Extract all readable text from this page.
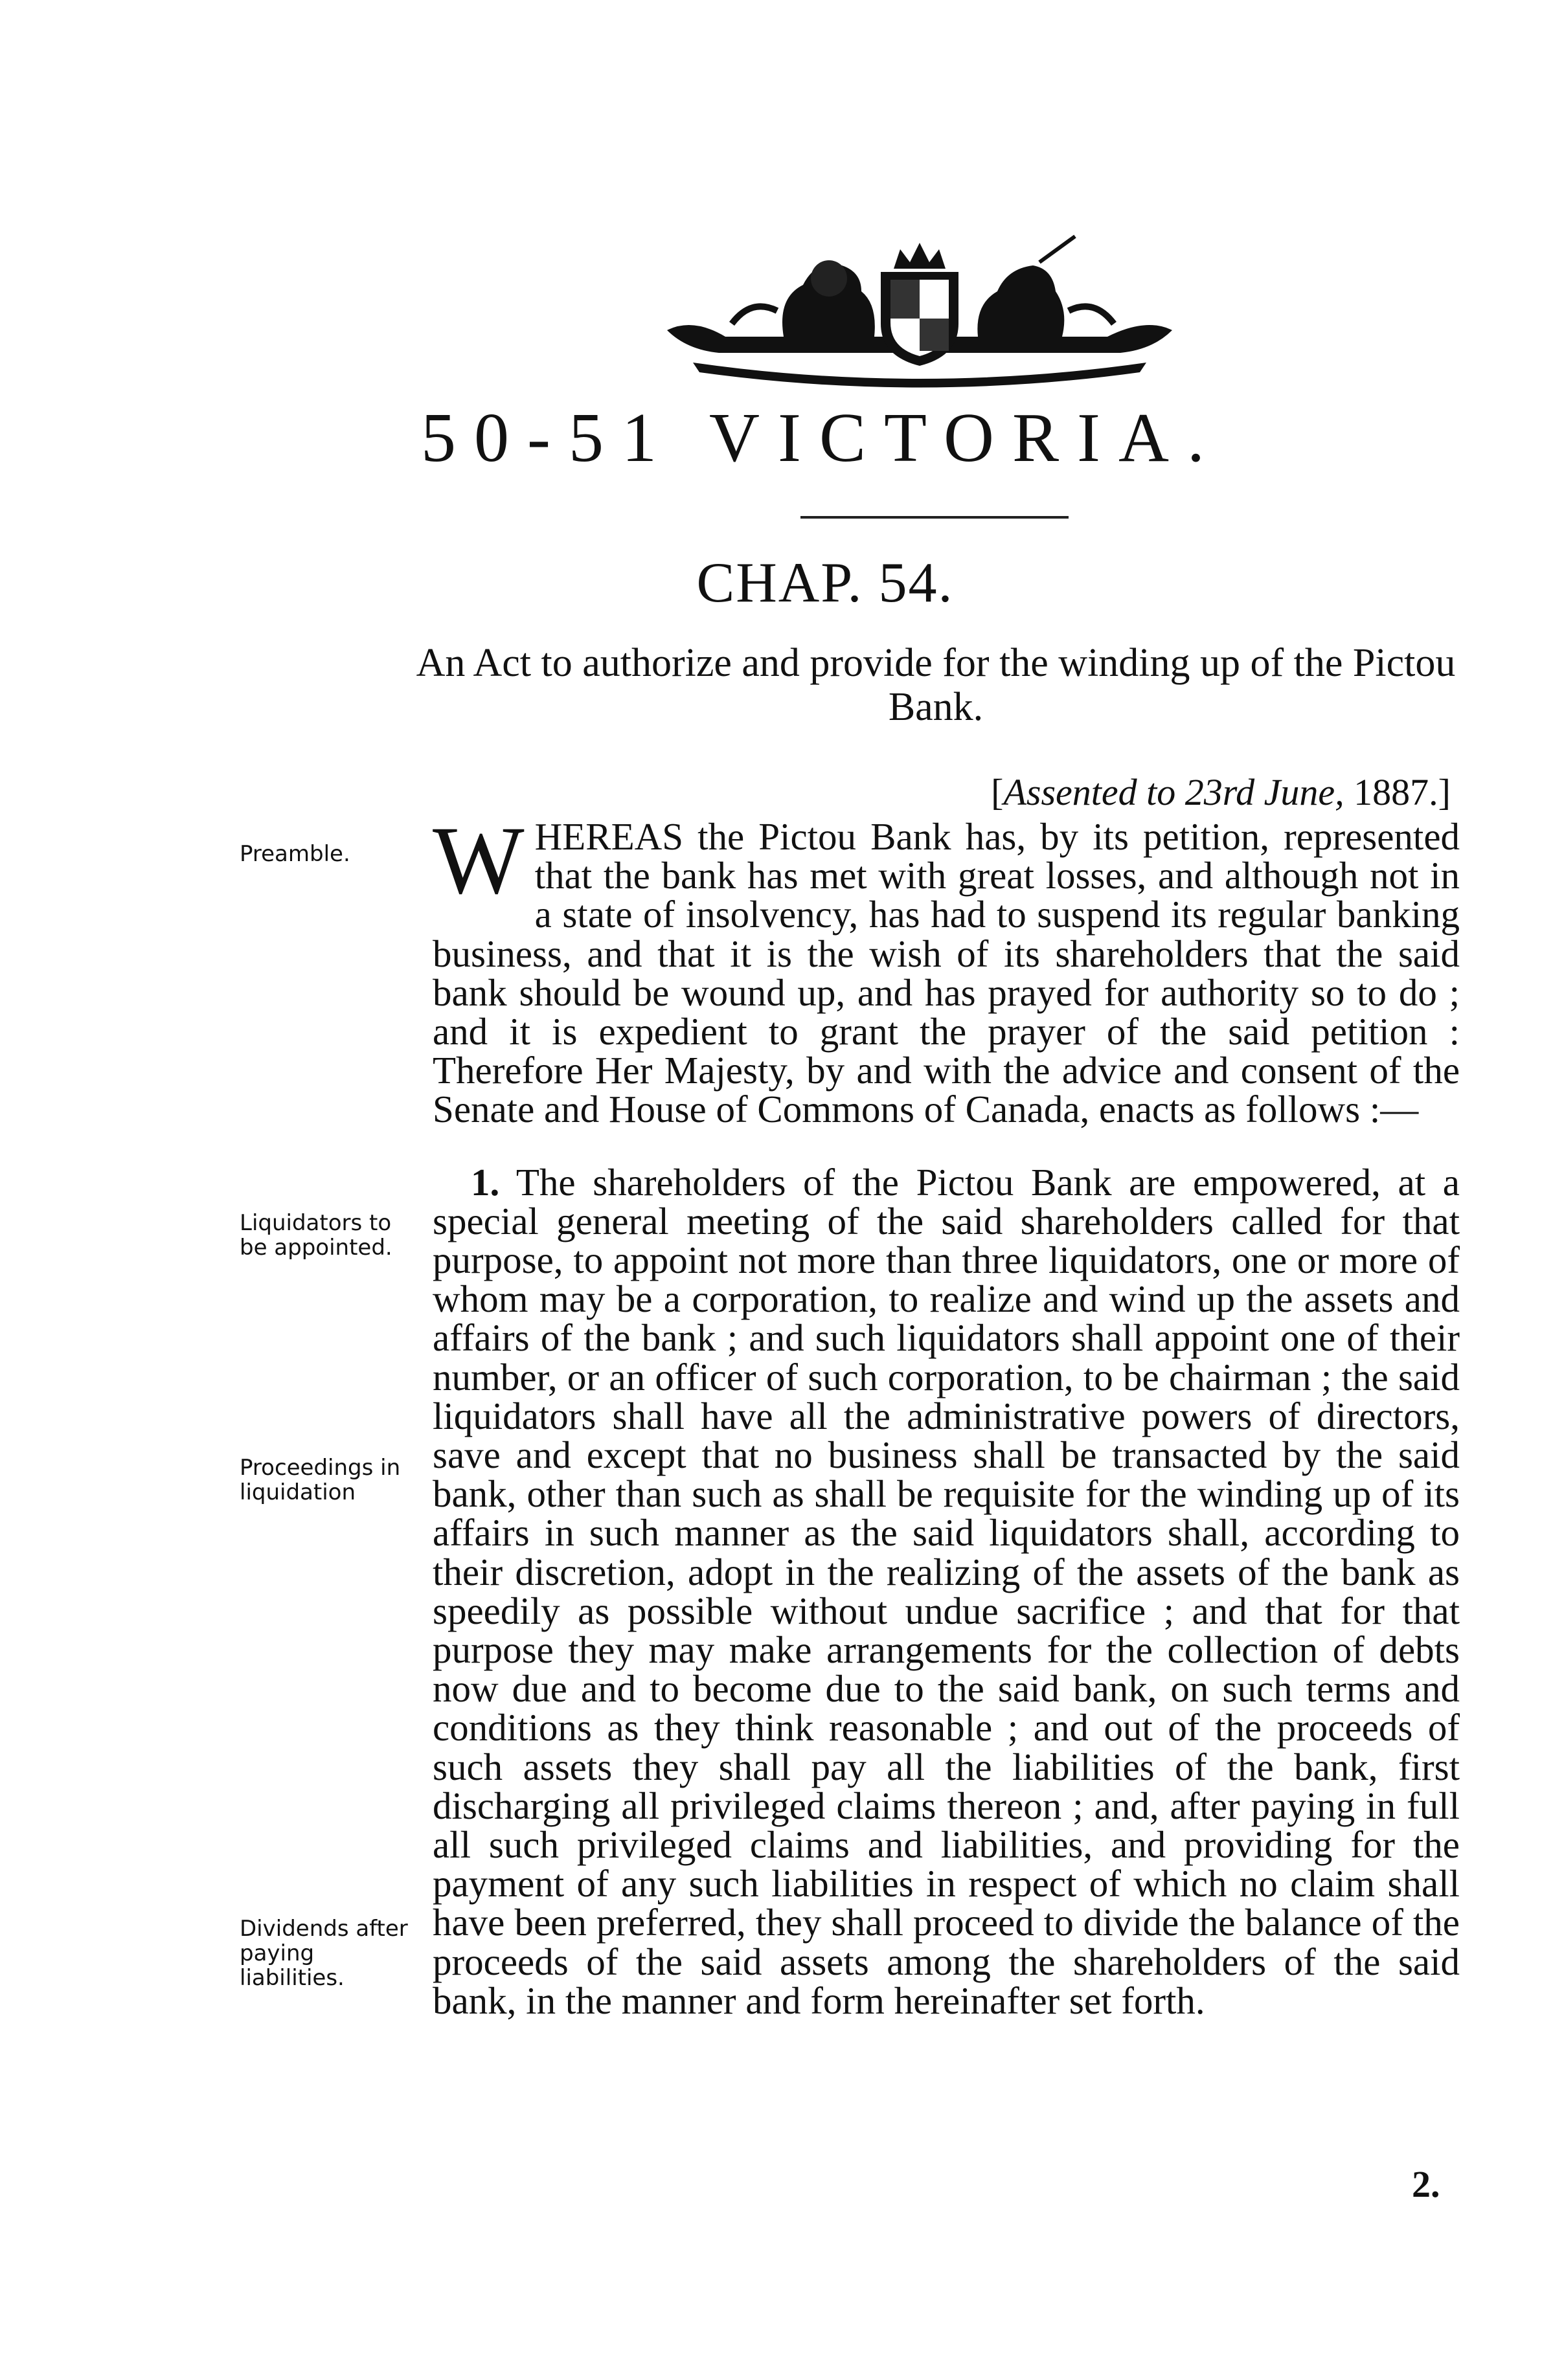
50-51 VICTORIA.
CHAP. 54.
An Act to authorize and provide for the winding up of the Pictou Bank.
[Assented to 23rd June, 1887.]
Preamble.
Liquidators to be appointed.
Proceedings in liquidation
Dividends after paying liabilities.

WHEREAS the Pictou Bank has, by its petition, represented that the bank has met with great losses, and although not in a state of insolvency, has had to suspend its regular banking business, and that it is the wish of its shareholders that the said bank should be wound up, and has prayed for authority so to do ; and it is expedient to grant the prayer of the said petition : Therefore Her Majesty, by and with the advice and consent of the Senate and House of Commons of Canada, enacts as follows :—

 1. The shareholders of the Pictou Bank are empowered, at a special general meeting of the said shareholders called for that purpose, to appoint not more than three liquidators, one or more of whom may be a corporation, to realize and wind up the assets and affairs of the bank ; and such liquidators shall appoint one of their number, or an officer of such corporation, to be chairman ; the said liquidators shall have all the administrative powers of directors, save and except that no business shall be transacted by the said bank, other than such as shall be requisite for the winding up of its affairs in such manner as the said liquidators shall, according to their discretion, adopt in the realizing of the assets of the bank as speedily as possible without undue sacrifice ; and that for that purpose they may make arrangements for the collection of debts now due and to become due to the said bank, on such terms and conditions as they think reasonable ; and out of the proceeds of such assets they shall pay all the liabilities of the bank, first discharging all privileged claims thereon ; and, after paying in full all such privileged claims and liabilities, and providing for the payment of any such liabilities in respect of which no claim shall have been preferred, they shall proceed to divide the balance of the proceeds of the said assets among the shareholders of the said bank, in the manner and form hereinafter set forth.

2.
